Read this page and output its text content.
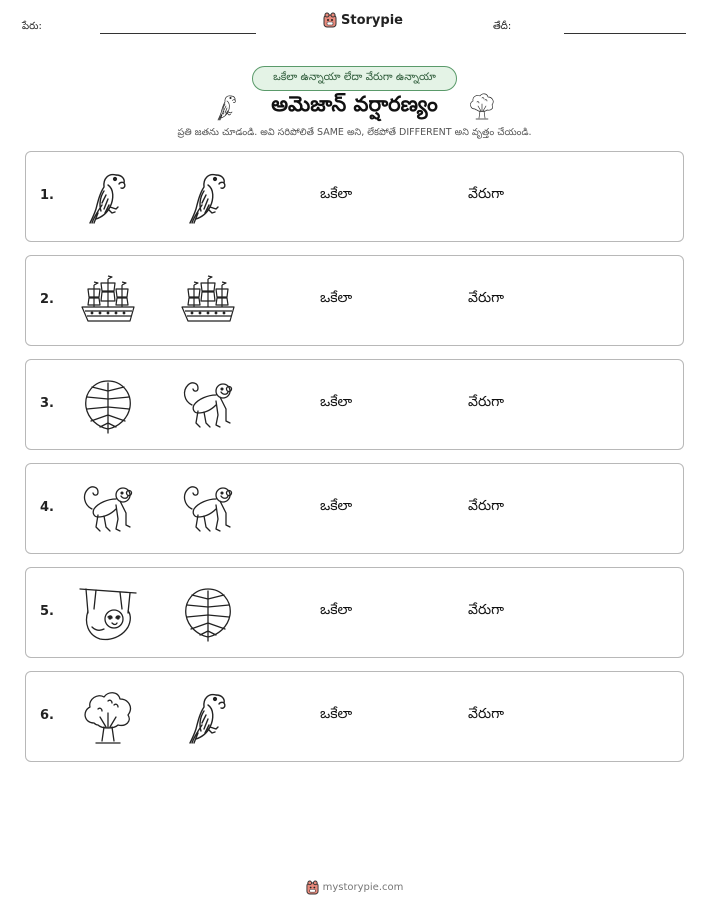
పేరు:	Storypie	తేదీ:
ఒకేలా ఉన్నాయా లేదా వేరుగా ఉన్నాయా
అమెజాన్ వర్షారణ్యం
ప్రతి జతను చూడండి. అవి సరిపోలితే SAME అని, లేకపోతే DIFFERENT అని వృత్తం చేయండి.
1.	ఒకేలా	వేరుగా
2.	ఒకేలా	వేరుగా
3.	ఒకేలా	వేరుగా
4.	ఒకేలా	వేరుగా
5.	ఒకేలా	వేరుగా
6.	ఒకేలా	వేరుగా
mystorypie.com
